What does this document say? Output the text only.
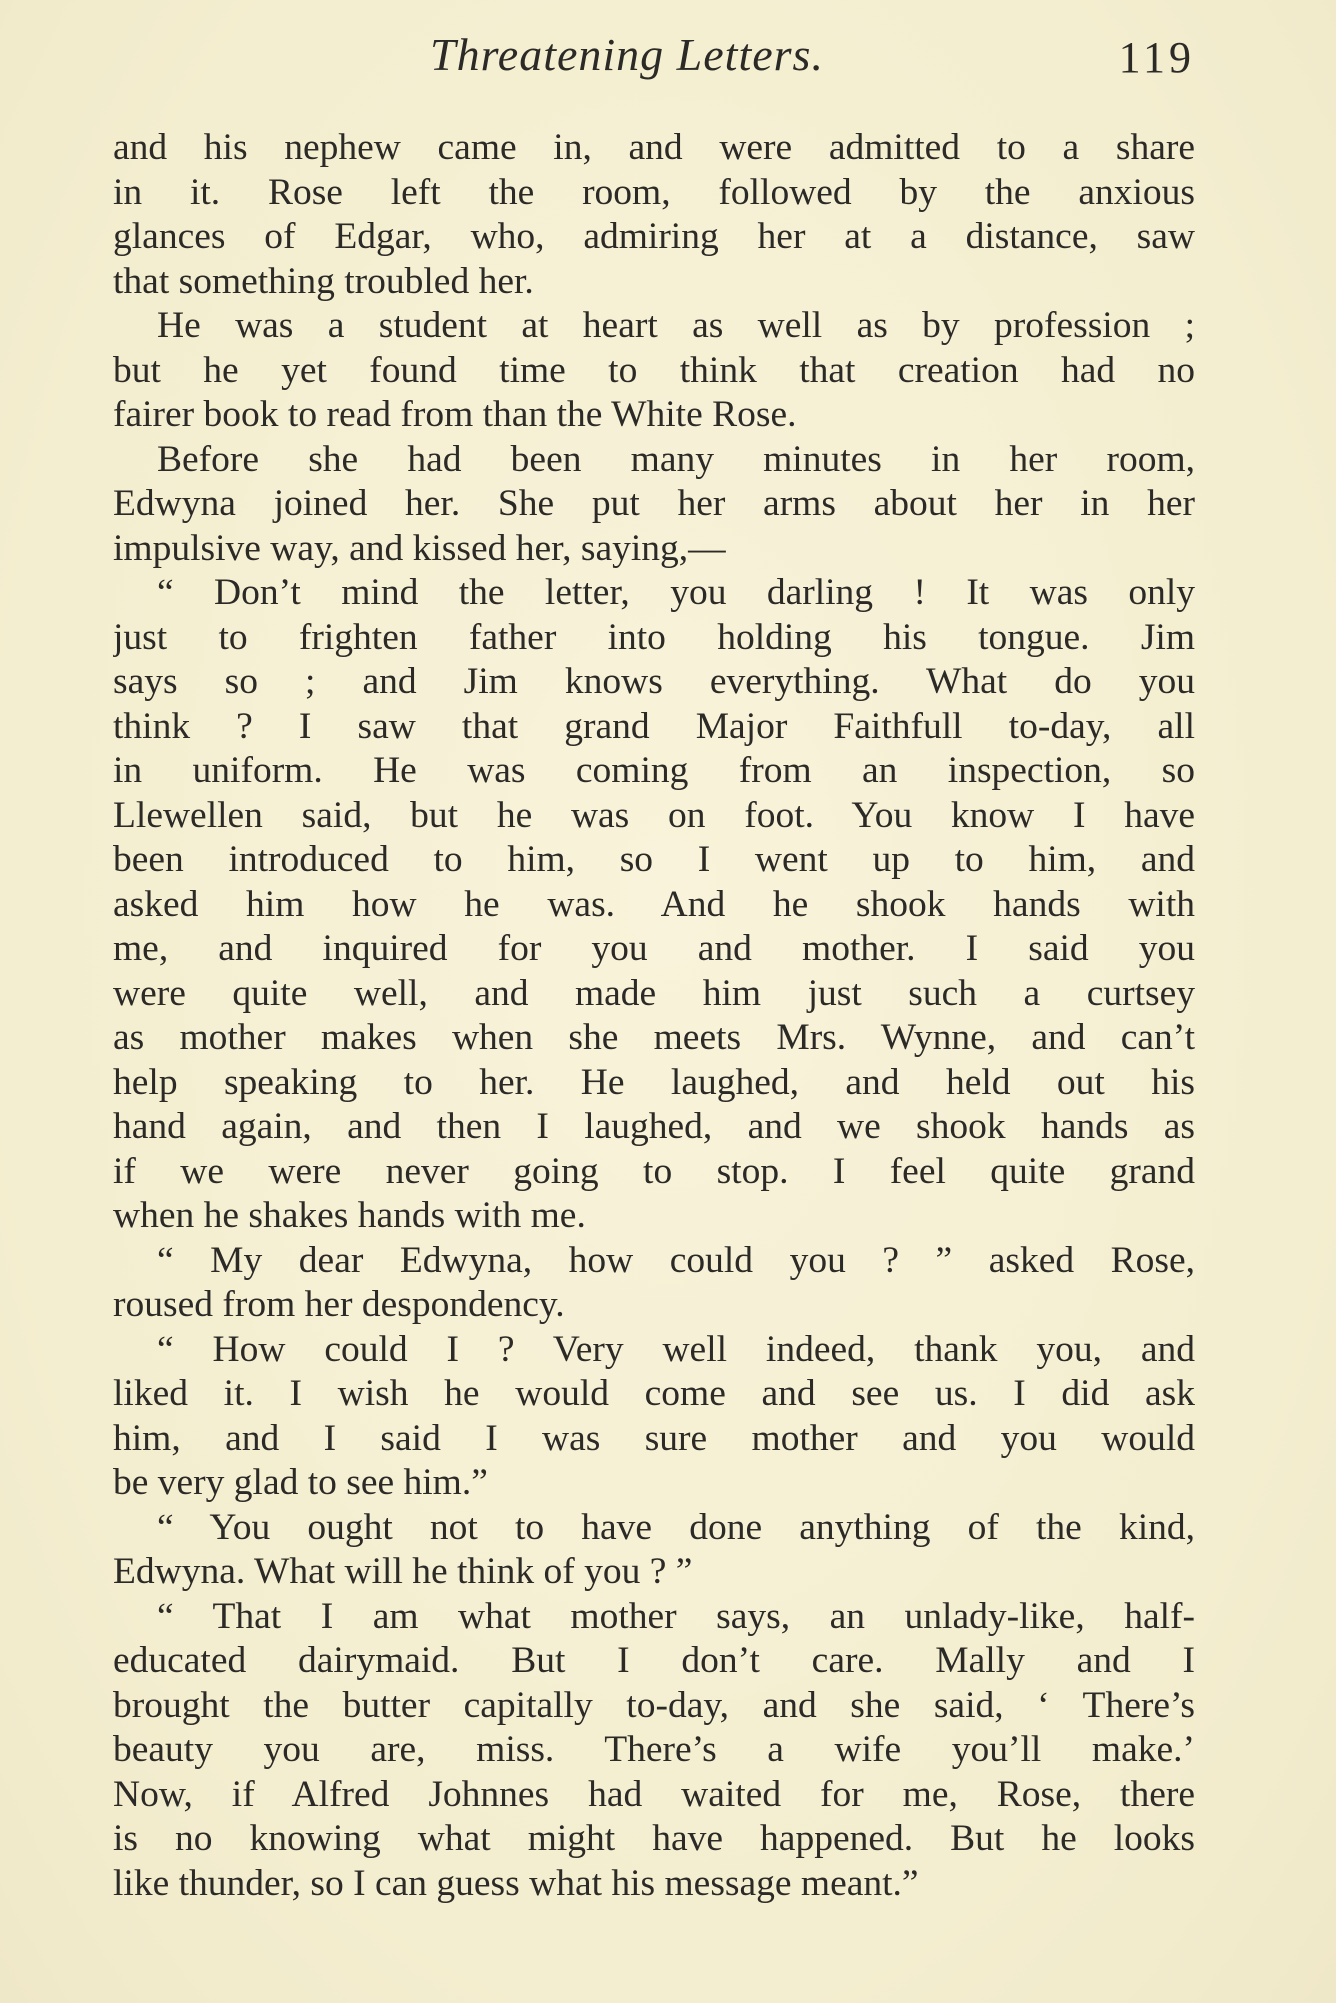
Threatening Letters.	119
and his nephew came in, and were admitted to a share
in it. Rose left the room, followed by the anxious
glances of Edgar, who, admiring her at a distance, saw
that something troubled her.
He was a student at heart as well as by profession ;
but he yet found time to think that creation had no
fairer book to read from than the White Rose.
Before she had been many minutes in her room,
Edwyna joined her. She put her arms about her in her
impulsive way, and kissed her, saying,—
“ Don’t mind the letter, you darling ! It was only
just to frighten father into holding his tongue. Jim
says so ; and Jim knows everything. What do you
think ? I saw that grand Major Faithfull to-day, all
in uniform. He was coming from an inspection, so
Llewellen said, but he was on foot. You know I have
been introduced to him, so I went up to him, and
asked him how he was. And he shook hands with
me, and inquired for you and mother. I said you
were quite well, and made him just such a curtsey
as mother makes when she meets Mrs. Wynne, and can’t
help speaking to her. He laughed, and held out his
hand again, and then I laughed, and we shook hands as
if we were never going to stop. I feel quite grand
when he shakes hands with me.
“ My dear Edwyna, how could you ? ” asked Rose,
roused from her despondency.
“ How could I ? Very well indeed, thank you, and
liked it. I wish he would come and see us. I did ask
him, and I said I was sure mother and you would
be very glad to see him.”
“ You ought not to have done anything of the kind,
Edwyna. What will he think of you ? ”
“ That I am what mother says, an unlady-like, half-
educated dairymaid. But I don’t care. Mally and I
brought the butter capitally to-day, and she said, ‘ There’s
beauty you are, miss. There’s a wife you’ll make.’
Now, if Alfred Johnnes had waited for me, Rose, there
is no knowing what might have happened. But he looks
like thunder, so I can guess what his message meant.”
